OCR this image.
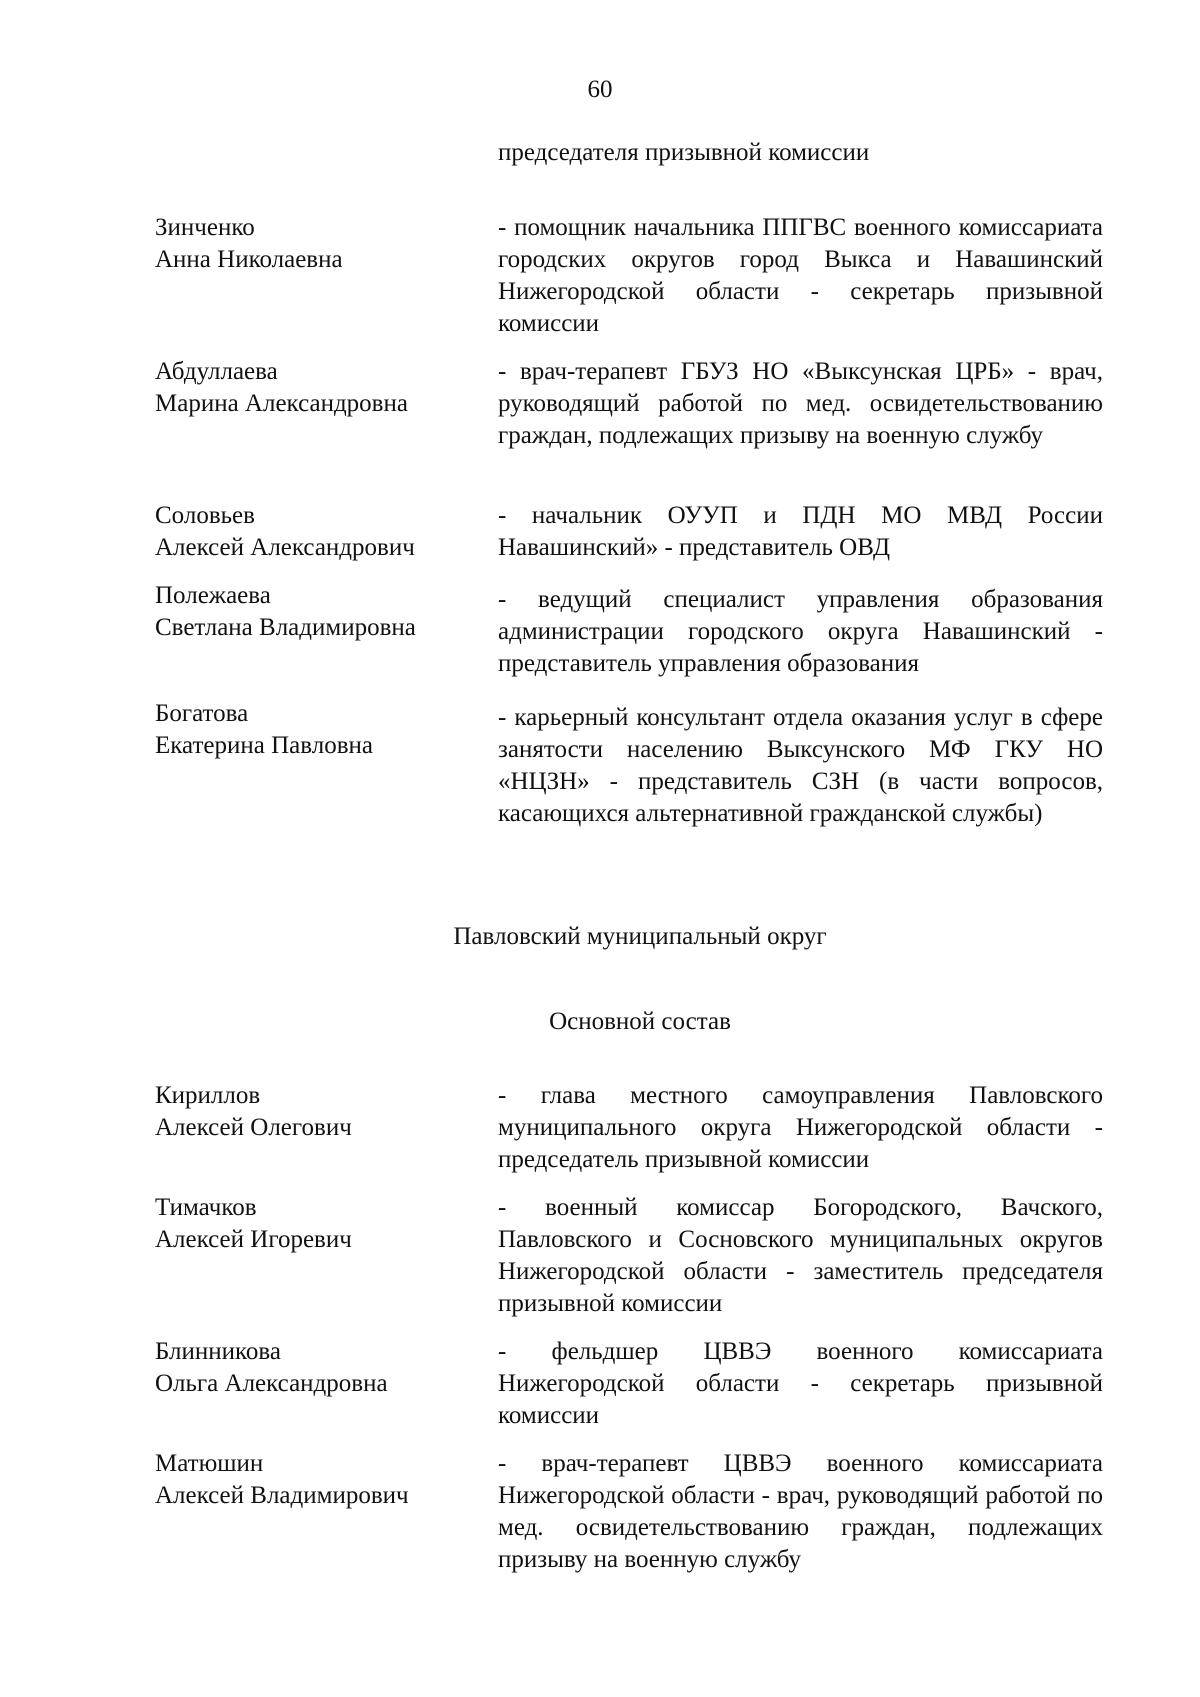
60
председателя призывной комиссии
Зинченко
Анна Николаевна
- помощник начальника ППГВС военного комиссариата городских округов город Выкса и Навашинский Нижегородской области - секретарь призывной комиссии
Абдуллаева
Марина Александровна
- врач-терапевт ГБУЗ НО «Выксунская ЦРБ» - врач, руководящий работой по мед. освидетельствованию граждан, подлежащих призыву на военную службу
Соловьев
Алексей Александрович
- начальник ОУУП и ПДН МО МВД России Навашинский» - представитель ОВД
Полежаева
Светлана Владимировна
- ведущий специалист управления образования администрации городского округа Навашинский - представитель управления образования
Богатова
Екатерина Павловна
- карьерный консультант отдела оказания услуг в сфере занятости населению Выксунского МФ ГКУ НО «НЦЗН» - представитель СЗН (в части вопросов, касающихся альтернативной гражданской службы)
Павловский муниципальный округ
Основной состав
Кириллов
Алексей Олегович
- глава местного самоуправления Павловского муниципального округа Нижегородской области - председатель призывной комиссии
Тимачков
Алексей Игоревич
- военный комиссар Богородского, Вачского, Павловского и Сосновского муниципальных округов Нижегородской области - заместитель председателя призывной комиссии
Блинникова
Ольга Александровна
- фельдшер ЦВВЭ военного комиссариата Нижегородской области - секретарь призывной комиссии
Матюшин
Алексей Владимирович
- врач-терапевт ЦВВЭ военного комиссариата Нижегородской области - врач, руководящий работой по мед. освидетельствованию граждан, подлежащих призыву на военную службу
